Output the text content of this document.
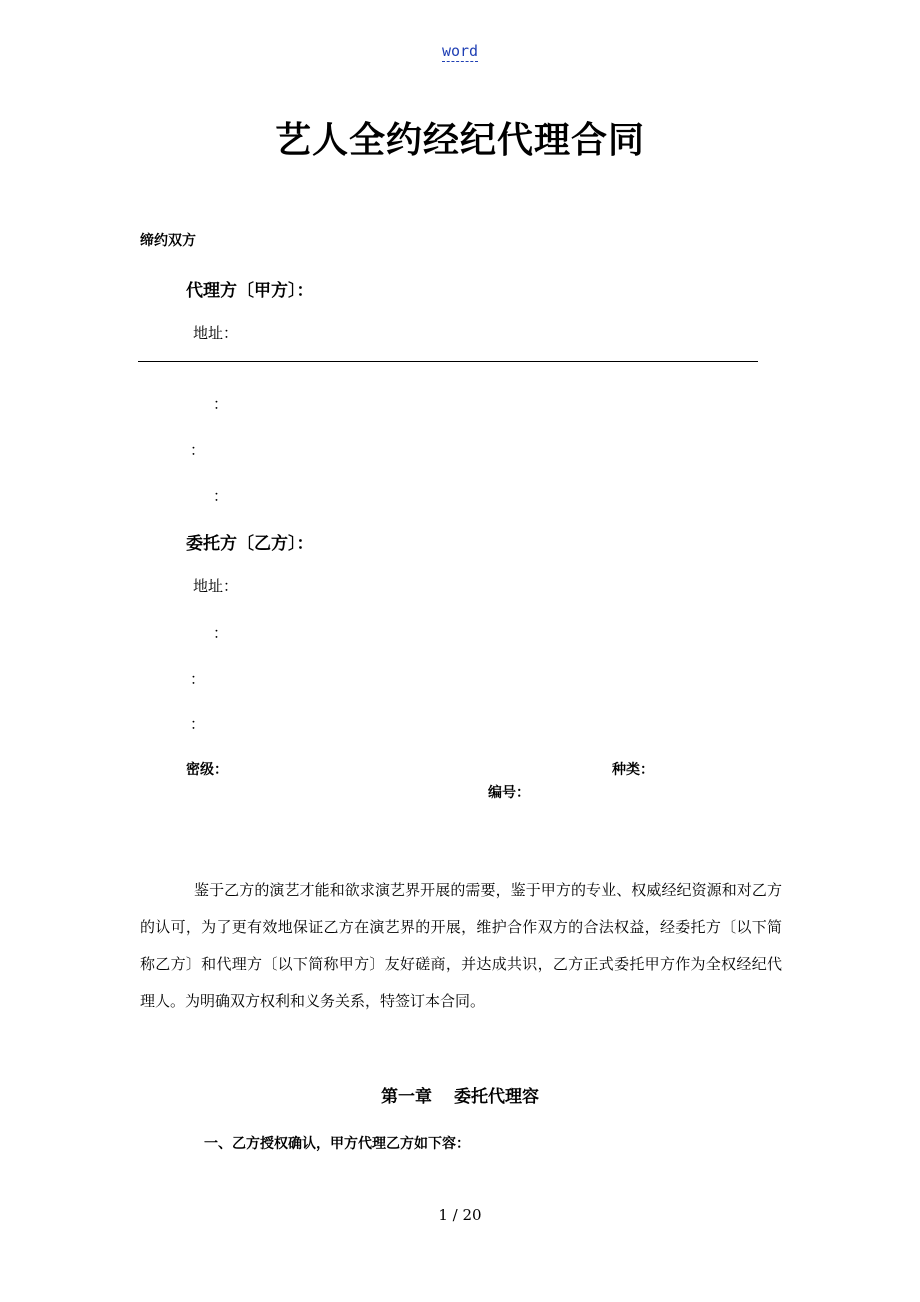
word
艺人全约经纪代理合同
缔约双方
代理方〔甲方〕：
地址：
：
：
：
委托方〔乙方〕：
地址：
：
：
：
密级：	种类：
编号：
鉴于乙方的演艺才能和欲求演艺界开展的需要，鉴于甲方的专业、权威经纪资源和对乙方的认可，为了更有效地保证乙方在演艺界的开展，维护合作双方的合法权益，经委托方〔以下简称乙方〕和代理方〔以下简称甲方〕友好磋商，并达成共识，乙方正式委托甲方作为全权经纪代理人。为明确双方权利和义务关系，特签订本合同。
第一章 委托代理容
一、乙方授权确认，甲方代理乙方如下容：
1 / 20
